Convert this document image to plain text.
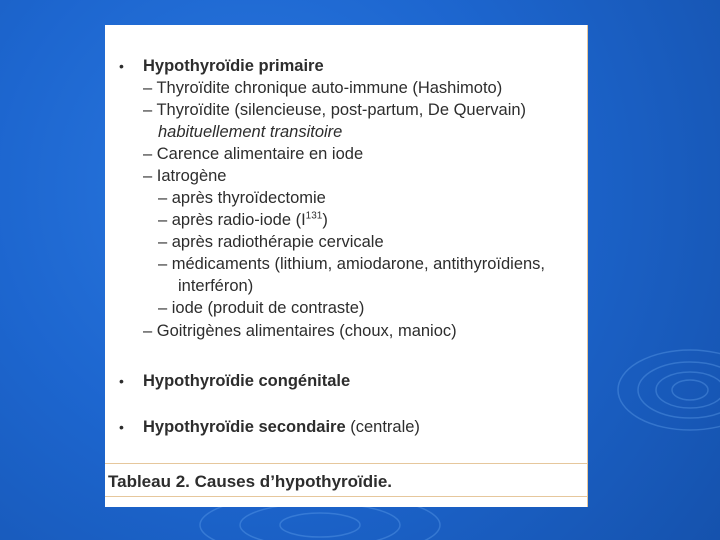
• Hypothyroïdie primaire
– Thyroïdite chronique auto-immune (Hashimoto)
– Thyroïdite (silencieuse, post-partum, De Quervain)
habituellement transitoire
– Carence alimentaire en iode
– Iatrogène
– après thyroïdectomie
– après radio-iode $(I^{131})$
– après radiothérapie cervicale
– médicaments (lithium, amiodarone, antithyroïdiens,
interféron)
– iode (produit de contraste)
– Goitrigènes alimentaires (choux, manioc)
• Hypothyroïdie congénitale
• Hypothyroïdie secondaire (centrale)
Tableau 2. Causes d’hypothyroïdie.
